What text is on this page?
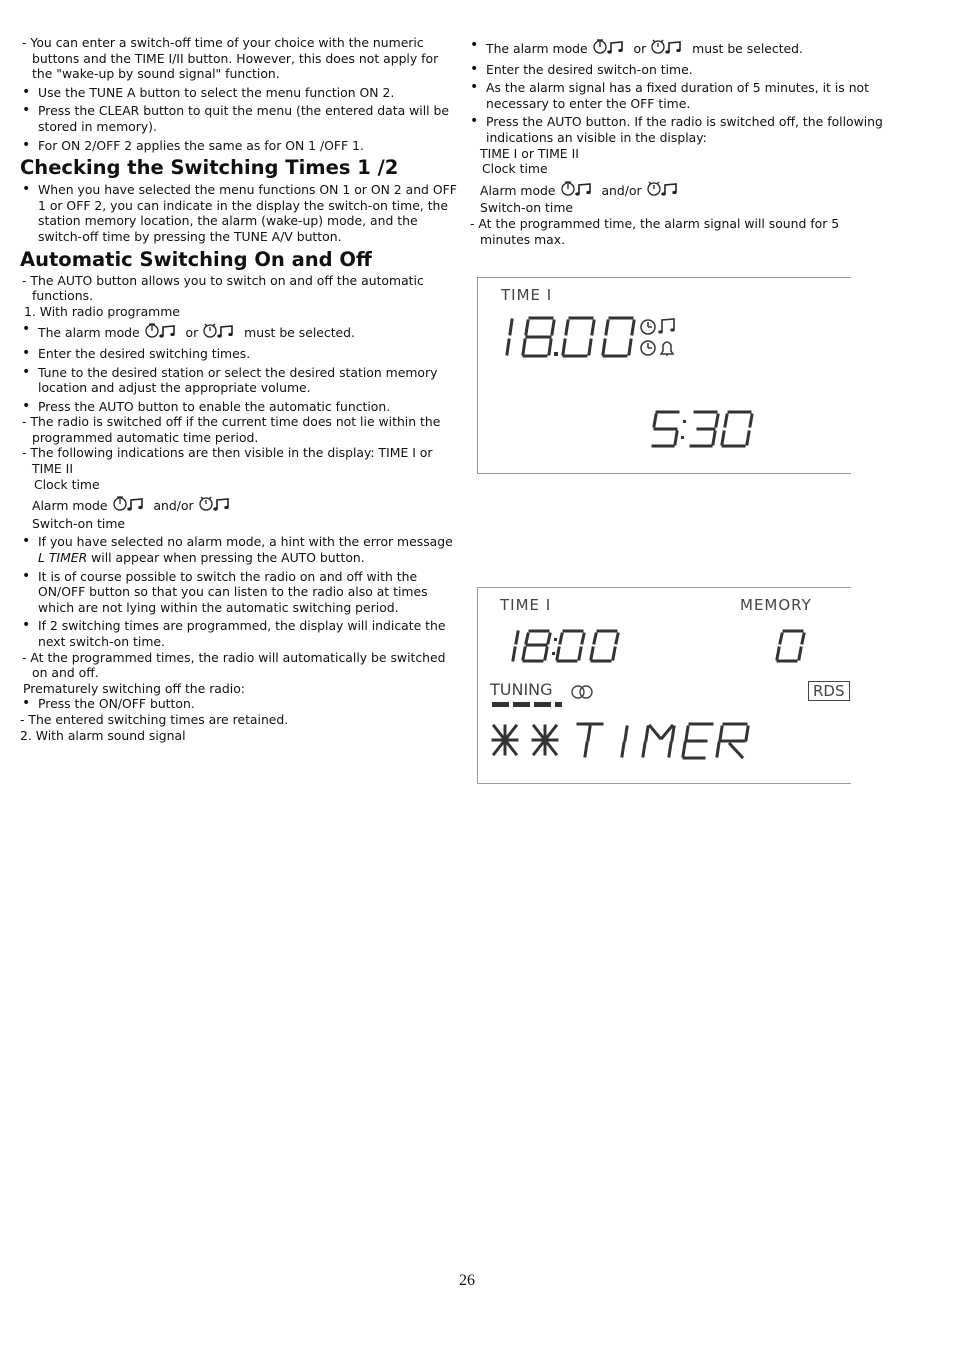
- You can enter a switch-off time of your choice with the numeric buttons and the TIME I/II button. However, this does not apply for the "wake-up by sound signal" function.

• Use the TUNE A button to select the menu function ON 2.

• Press the CLEAR button to quit the menu (the entered data will be stored in memory).

• For ON 2/OFF 2 applies the same as for ON 1 /OFF 1.

Checking the Switching Times 1 /2

• When you have selected the menu functions ON 1 or ON 2 and OFF 1 or OFF 2, you can indicate in the display the switch-on time, the station memory location, the alarm (wake-up) mode, and the switch-off time by pressing the TUNE A/V button.

Automatic Switching On and Off

- The AUTO button allows you to switch on and off the automatic functions.

1. With radio programme

• The alarm mode	or	must be selected.

• Enter the desired switching times.

• Tune to the desired station or select the desired station memory location and adjust the appropriate volume.

• Press the AUTO button to enable the automatic function.

- The radio is switched off if the current time does not lie within the programmed automatic time period.

- The following indications are then visible in the display: TIME I or TIME II

Clock time

Alarm mode	and/or

Switch-on time

• If you have selected no alarm mode, a hint with the error message L TIMER will appear when pressing the AUTO button.

• It is of course possible to switch the radio on and off with the ON/OFF button so that you can listen to the radio also at times which are not lying within the automatic switching period.

• If 2 switching times are programmed, the display will indicate the next switch-on time.

- At the programmed times, the radio will automatically be switched on and off.

Prematurely switching off the radio:

• Press the ON/OFF button.

- The entered switching times are retained.

2. With alarm sound signal

• The alarm mode	or	must be selected.

• Enter the desired switch-on time.

• As the alarm signal has a fixed duration of 5 minutes, it is not necessary to enter the OFF time.

• Press the AUTO button. If the radio is switched off, the following indications an visible in the display:

TIME I or TIME II

Clock time

Alarm mode	and/or

Switch-on time

- At the programmed time, the alarm signal will sound for 5 minutes max.

TIME I
TIME I	MEMORY
TUNING	RDS
26
